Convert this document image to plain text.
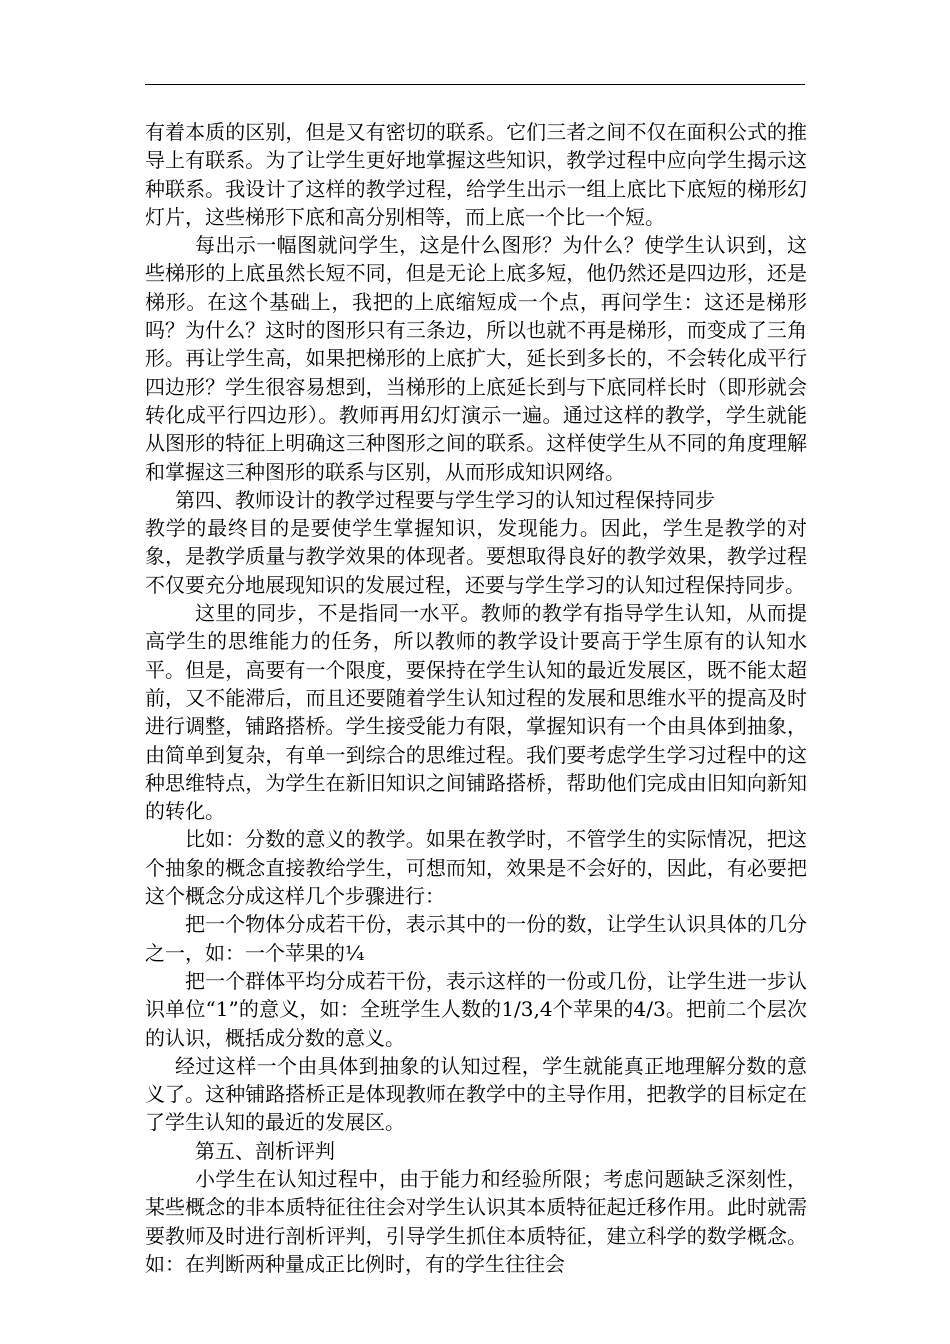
有着本质的区别，但是又有密切的联系。它们三者之间不仅在面积公式的推导上有联系。为了让学生更好地掌握这些知识，教学过程中应向学生揭示这种联系。我设计了这样的教学过程，给学生出示一组上底比下底短的梯形幻灯片，这些梯形下底和高分别相等，而上底一个比一个短。

每出示一幅图就问学生，这是什么图形？为什么？使学生认识到，这些梯形的上底虽然长短不同，但是无论上底多短，他仍然还是四边形，还是梯形。在这个基础上，我把的上底缩短成一个点，再问学生：这还是梯形吗？为什么？这时的图形只有三条边，所以也就不再是梯形，而变成了三角形。再让学生高，如果把梯形的上底扩大，延长到多长的，不会转化成平行四边形？学生很容易想到，当梯形的上底延长到与下底同样长时（即形就会转化成平行四边形）。教师再用幻灯演示一遍。通过这样的教学，学生就能从图形的特征上明确这三种图形之间的联系。这样使学生从不同的角度理解和掌握这三种图形的联系与区别，从而形成知识网络。

第四、教师设计的教学过程要与学生学习的认知过程保持同步

教学的最终目的是要使学生掌握知识，发现能力。因此，学生是教学的对象，是教学质量与教学效果的体现者。要想取得良好的教学效果，教学过程不仅要充分地展现知识的发展过程，还要与学生学习的认知过程保持同步。

这里的同步，不是指同一水平。教师的教学有指导学生认知，从而提高学生的思维能力的任务，所以教师的教学设计要高于学生原有的认知水平。但是，高要有一个限度，要保持在学生认知的最近发展区，既不能太超前，又不能滞后，而且还要随着学生认知过程的发展和思维水平的提高及时进行调整，铺路搭桥。学生接受能力有限，掌握知识有一个由具体到抽象，由简单到复杂，有单一到综合的思维过程。我们要考虑学生学习过程中的这种思维特点，为学生在新旧知识之间铺路搭桥，帮助他们完成由旧知向新知的转化。

比如：分数的意义的教学。如果在教学时，不管学生的实际情况，把这个抽象的概念直接教给学生，可想而知，效果是不会好的，因此，有必要把这个概念分成这样几个步骤进行：

把一个物体分成若干份，表示其中的一份的数，让学生认识具体的几分之一，如：一个苹果的¼

把一个群体平均分成若干份，表示这样的一份或几份，让学生进一步认识单位“1”的意义，如：全班学生人数的1/3,4个苹果的4/3。把前二个层次的认识，概括成分数的意义。

经过这样一个由具体到抽象的认知过程，学生就能真正地理解分数的意义了。这种铺路搭桥正是体现教师在教学中的主导作用，把教学的目标定在了学生认知的最近的发展区。

第五、剖析评判

小学生在认知过程中，由于能力和经验所限；考虑问题缺乏深刻性，某些概念的非本质特征往往会对学生认识其本质特征起迁移作用。此时就需要教师及时进行剖析评判，引导学生抓住本质特征，建立科学的数学概念。如：在判断两种量成正比例时，有的学生往往会
